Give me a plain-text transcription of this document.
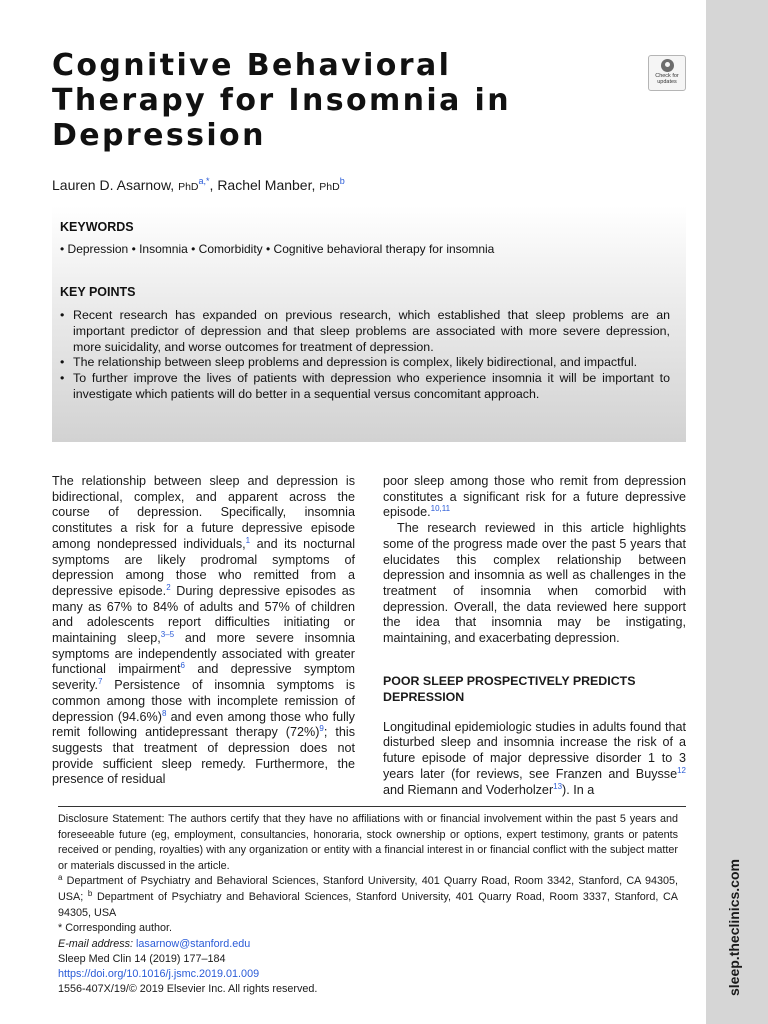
sleep.theclinics.com
Cognitive Behavioral
Therapy for Insomnia in
Depression
Check for
updates
Lauren D. Asarnow, PhD$^{a,*}$, Rachel Manber, PhD$^b$
KEYWORDS
• Depression • Insomnia • Comorbidity • Cognitive behavioral therapy for insomnia
KEY POINTS
• Recent research has expanded on previous research, which established that sleep problems are an important predictor of depression and that sleep problems are associated with more severe depression, more suicidality, and worse outcomes for treatment of depression.
• The relationship between sleep problems and depression is complex, likely bidirectional, and impactful.
• To further improve the lives of patients with depression who experience insomnia it will be important to investigate which patients will do better in a sequential versus concomitant approach.

The relationship between sleep and depression is bidirectional, complex, and apparent across the course of depression. Specifically, insomnia constitutes a risk for a future depressive episode among nondepressed individuals,$^1$ and its nocturnal symptoms are likely prodromal symptoms of depression among those who remitted from a depressive episode.$^2$ During depressive episodes as many as 67% to 84% of adults and 57% of children and adolescents report difficulties initiating or maintaining sleep,$^{3-5}$ and more severe insomnia symptoms are independently associated with greater functional impairment$^6$ and depressive symptom severity.$^7$ Persistence of insomnia symptoms is common among those with incomplete remission of depression (94.6%)$^8$ and even among those who fully remit following antidepressant therapy (72%)$^9$; this suggests that treatment of depression does not provide sufficient sleep remedy. Furthermore, the presence of residual

poor sleep among those who remit from depression constitutes a significant risk for a future depressive episode.$^{10,11}$

The research reviewed in this article highlights some of the progress made over the past 5 years that elucidates this complex relationship between depression and insomnia as well as challenges in the treatment of insomnia when comorbid with depression. Overall, the data reviewed here support the idea that insomnia may be instigating, maintaining, and exacerbating depression.

POOR SLEEP PROSPECTIVELY PREDICTS
DEPRESSION

Longitudinal epidemiologic studies in adults found that disturbed sleep and insomnia increase the risk of a future episode of major depressive disorder 1 to 3 years later (for reviews, see Franzen and Buysse$^{12}$ and Riemann and Voderholzer$^{13}$). In a

Disclosure Statement: The authors certify that they have no affiliations with or financial involvement within the past 5 years and foreseeable future (eg, employment, consultancies, honoraria, stock ownership or options, expert testimony, grants or patents received or pending, royalties) with any organization or entity with a financial interest in or financial conflict with the subject matter or materials discussed in the article.

$^a$ Department of Psychiatry and Behavioral Sciences, Stanford University, 401 Quarry Road, Room 3342, Stanford, CA 94305, USA; $^b$ Department of Psychiatry and Behavioral Sciences, Stanford University, 401 Quarry Road, Room 3337, Stanford, CA 94305, USA

* Corresponding author.

E-mail address: lasarnow@stanford.edu

Sleep Med Clin 14 (2019) 177–184
https://doi.org/10.1016/j.jsmc.2019.01.009
1556-407X/19/© 2019 Elsevier Inc. All rights reserved.
